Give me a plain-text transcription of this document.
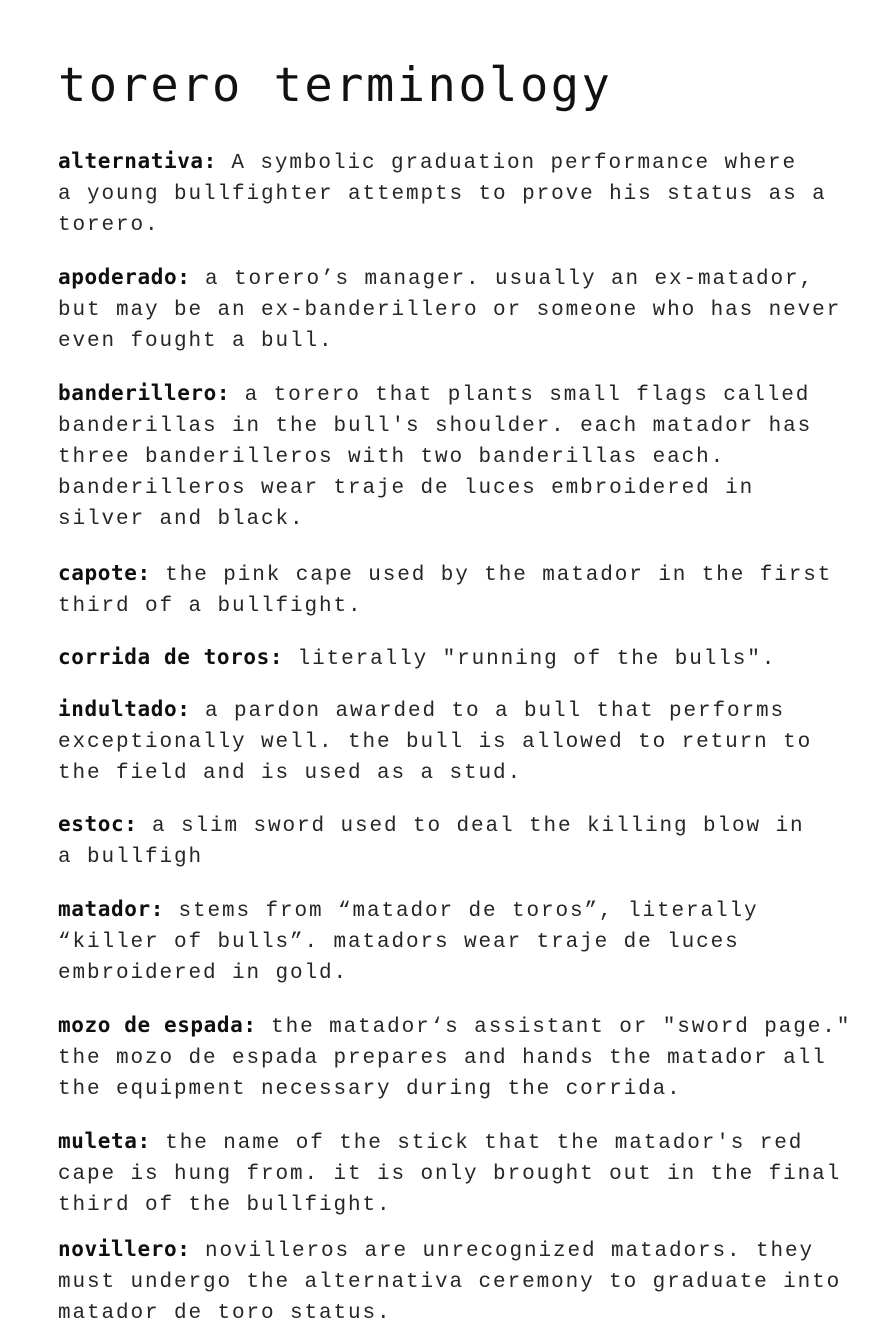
torero terminology
alternativa: A symbolic graduation performance where
a young bullfighter attempts to prove his status as a
torero.
apoderado: a torero’s manager. usually an ex-matador,
but may be an ex-banderillero or someone who has never
even fought a bull.
banderillero: a torero that plants small flags called
banderillas in the bull's shoulder. each matador has
three banderilleros with two banderillas each.
banderilleros wear traje de luces embroidered in
silver and black.
capote: the pink cape used by the matador in the first
third of a bullfight.
corrida de toros: literally "running of the bulls".
indultado: a pardon awarded to a bull that performs
exceptionally well. the bull is allowed to return to
the field and is used as a stud.
estoc: a slim sword used to deal the killing blow in
a bullfigh
matador: stems from “matador de toros”, literally
“killer of bulls”. matadors wear traje de luces
embroidered in gold.
mozo de espada: the matador‘s assistant or "sword page."
the mozo de espada prepares and hands the matador all
the equipment necessary during the corrida.
muleta: the name of the stick that the matador's red
cape is hung from. it is only brought out in the final
third of the bullfight.
novillero: novilleros are unrecognized matadors. they
must undergo the alternativa ceremony to graduate into
matador de toro status.
